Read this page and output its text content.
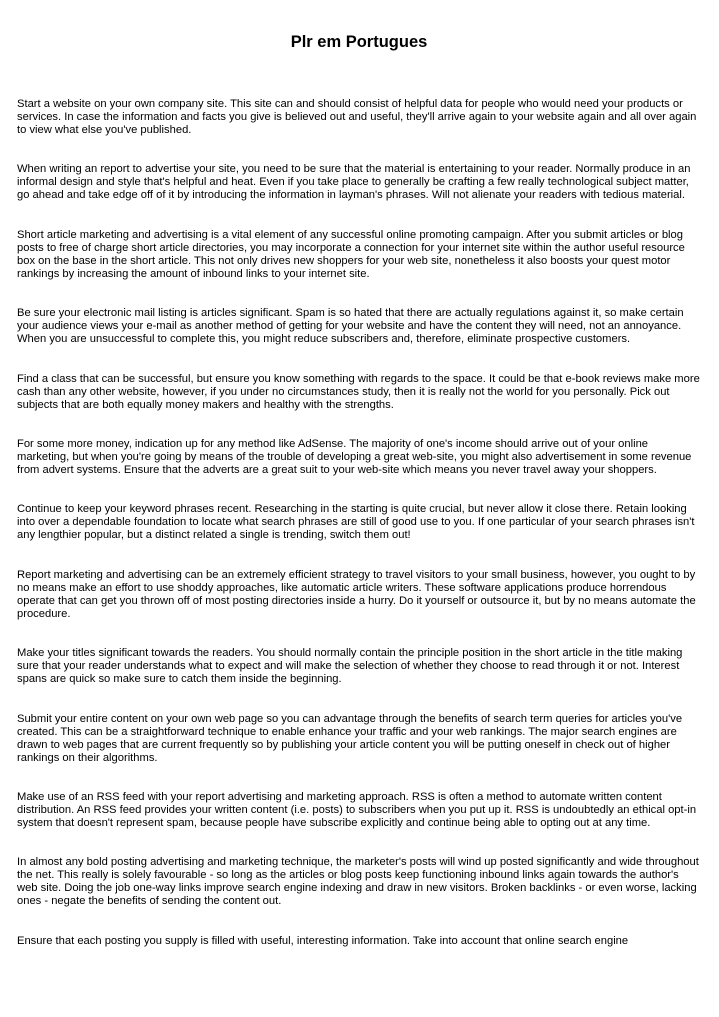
Plr em Portugues

Start a website on your own company site. This site can and should consist of helpful data for people who would need your products or services. In case the information and facts you give is believed out and useful, they'll arrive again to your website again and all over again to view what else you've published.

When writing an report to advertise your site, you need to be sure that the material is entertaining to your reader. Normally produce in an informal design and style that's helpful and heat. Even if you take place to generally be crafting a few really technological subject matter, go ahead and take edge off of it by introducing the information in layman's phrases. Will not alienate your readers with tedious material.

Short article marketing and advertising is a vital element of any successful online promoting campaign. After you submit articles or blog posts to free of charge short article directories, you may incorporate a connection for your internet site within the author useful resource box on the base in the short article. This not only drives new shoppers for your web site, nonetheless it also boosts your quest motor rankings by increasing the amount of inbound links to your internet site.

Be sure your electronic mail listing is articles significant. Spam is so hated that there are actually regulations against it, so make certain your audience views your e-mail as another method of getting for your website and have the content they will need, not an annoyance. When you are unsuccessful to complete this, you might reduce subscribers and, therefore, eliminate prospective customers.

Find a class that can be successful, but ensure you know something with regards to the space. It could be that e-book reviews make more cash than any other website, however, if you under no circumstances study, then it is really not the world for you personally. Pick out subjects that are both equally money makers and healthy with the strengths.

For some more money, indication up for any method like AdSense. The majority of one's income should arrive out of your online marketing, but when you're going by means of the trouble of developing a great web-site, you might also advertisement in some revenue from advert systems. Ensure that the adverts are a great suit to your web-site which means you never travel away your shoppers.

Continue to keep your keyword phrases recent. Researching in the starting is quite crucial, but never allow it close there. Retain looking into over a dependable foundation to locate what search phrases are still of good use to you. If one particular of your search phrases isn't any lengthier popular, but a distinct related a single is trending, switch them out!

Report marketing and advertising can be an extremely efficient strategy to travel visitors to your small business, however, you ought to by no means make an effort to use shoddy approaches, like automatic article writers. These software applications produce horrendous operate that can get you thrown off of most posting directories inside a hurry. Do it yourself or outsource it, but by no means automate the procedure.

Make your titles significant towards the readers. You should normally contain the principle position in the short article in the title making sure that your reader understands what to expect and will make the selection of whether they choose to read through it or not. Interest spans are quick so make sure to catch them inside the beginning.

Submit your entire content on your own web page so you can advantage through the benefits of search term queries for articles you've created. This can be a straightforward technique to enable enhance your traffic and your web rankings. The major search engines are drawn to web pages that are current frequently so by publishing your article content you will be putting oneself in check out of higher rankings on their algorithms.

Make use of an RSS feed with your report advertising and marketing approach. RSS is often a method to automate written content distribution. An RSS feed provides your written content (i.e. posts) to subscribers when you put up it. RSS is undoubtedly an ethical opt-in system that doesn't represent spam, because people have subscribe explicitly and continue being able to opting out at any time.

In almost any bold posting advertising and marketing technique, the marketer's posts will wind up posted significantly and wide throughout the net. This really is solely favourable - so long as the articles or blog posts keep functioning inbound links again towards the author's web site. Doing the job one-way links improve search engine indexing and draw in new visitors. Broken backlinks - or even worse, lacking ones - negate the benefits of sending the content out.

Ensure that each posting you supply is filled with useful, interesting information. Take into account that online search engine
